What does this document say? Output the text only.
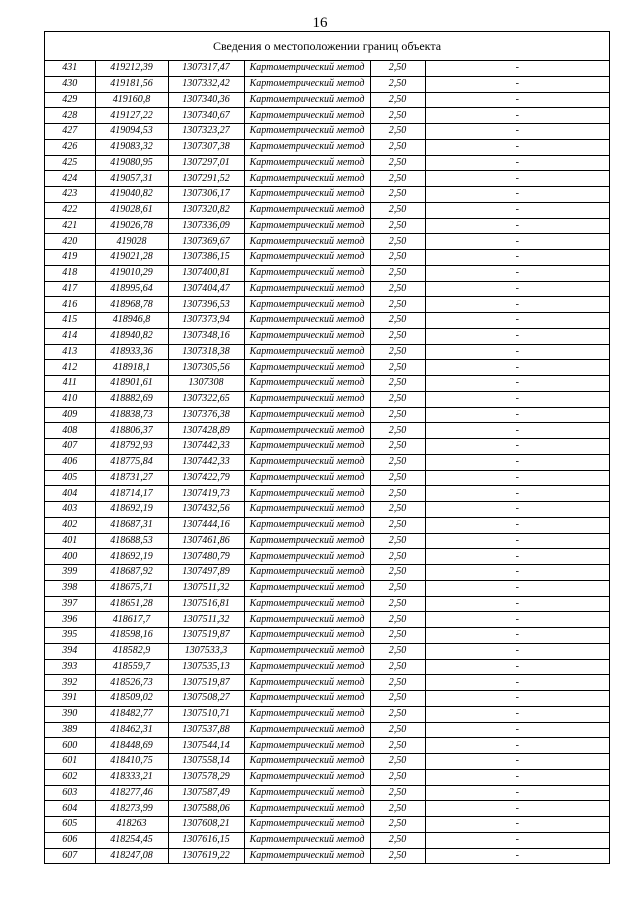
16
Сведения о местоположении границ объекта
431	419212,39	1307317,47	Картометрический метод	2,50	-
430	419181,56	1307332,42	Картометрический метод	2,50	-
429	419160,8	1307340,36	Картометрический метод	2,50	-
428	419127,22	1307340,67	Картометрический метод	2,50	-
427	419094,53	1307323,27	Картометрический метод	2,50	-
426	419083,32	1307307,38	Картометрический метод	2,50	-
425	419080,95	1307297,01	Картометрический метод	2,50	-
424	419057,31	1307291,52	Картометрический метод	2,50	-
423	419040,82	1307306,17	Картометрический метод	2,50	-
422	419028,61	1307320,82	Картометрический метод	2,50	-
421	419026,78	1307336,09	Картометрический метод	2,50	-
420	419028	1307369,67	Картометрический метод	2,50	-
419	419021,28	1307386,15	Картометрический метод	2,50	-
418	419010,29	1307400,81	Картометрический метод	2,50	-
417	418995,64	1307404,47	Картометрический метод	2,50	-
416	418968,78	1307396,53	Картометрический метод	2,50	-
415	418946,8	1307373,94	Картометрический метод	2,50	-
414	418940,82	1307348,16	Картометрический метод	2,50	-
413	418933,36	1307318,38	Картометрический метод	2,50	-
412	418918,1	1307305,56	Картометрический метод	2,50	-
411	418901,61	1307308	Картометрический метод	2,50	-
410	418882,69	1307322,65	Картометрический метод	2,50	-
409	418838,73	1307376,38	Картометрический метод	2,50	-
408	418806,37	1307428,89	Картометрический метод	2,50	-
407	418792,93	1307442,33	Картометрический метод	2,50	-
406	418775,84	1307442,33	Картометрический метод	2,50	-
405	418731,27	1307422,79	Картометрический метод	2,50	-
404	418714,17	1307419,73	Картометрический метод	2,50	-
403	418692,19	1307432,56	Картометрический метод	2,50	-
402	418687,31	1307444,16	Картометрический метод	2,50	-
401	418688,53	1307461,86	Картометрический метод	2,50	-
400	418692,19	1307480,79	Картометрический метод	2,50	-
399	418687,92	1307497,89	Картометрический метод	2,50	-
398	418675,71	1307511,32	Картометрический метод	2,50	-
397	418651,28	1307516,81	Картометрический метод	2,50	-
396	418617,7	1307511,32	Картометрический метод	2,50	-
395	418598,16	1307519,87	Картометрический метод	2,50	-
394	418582,9	1307533,3	Картометрический метод	2,50	-
393	418559,7	1307535,13	Картометрический метод	2,50	-
392	418526,73	1307519,87	Картометрический метод	2,50	-
391	418509,02	1307508,27	Картометрический метод	2,50	-
390	418482,77	1307510,71	Картометрический метод	2,50	-
389	418462,31	1307537,88	Картометрический метод	2,50	-
600	418448,69	1307544,14	Картометрический метод	2,50	-
601	418410,75	1307558,14	Картометрический метод	2,50	-
602	418333,21	1307578,29	Картометрический метод	2,50	-
603	418277,46	1307587,49	Картометрический метод	2,50	-
604	418273,99	1307588,06	Картометрический метод	2,50	-
605	418263	1307608,21	Картометрический метод	2,50	-
606	418254,45	1307616,15	Картометрический метод	2,50	-
607	418247,08	1307619,22	Картометрический метод	2,50	-
